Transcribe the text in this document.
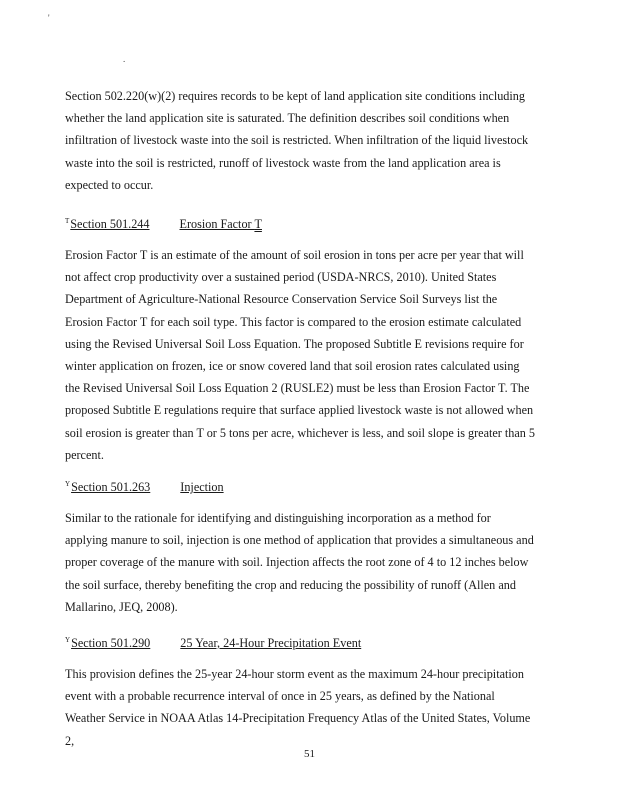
'
.

Section 502.220(w)(2) requires records to be kept of land application site conditions including whether the land application site is saturated. The definition describes soil conditions when infiltration of livestock waste into the soil is restricted. When infiltration of the liquid livestock waste into the soil is restricted, runoff of livestock waste from the land application area is expected to occur.

$^T$Section 501.244 Erosion Factor T

Erosion Factor T is an estimate of the amount of soil erosion in tons per acre per year that will not affect crop productivity over a sustained period (USDA-NRCS, 2010). United States Department of Agriculture-National Resource Conservation Service Soil Surveys list the Erosion Factor T for each soil type. This factor is compared to the erosion estimate calculated using the Revised Universal Soil Loss Equation. The proposed Subtitle E revisions require for winter application on frozen, ice or snow covered land that soil erosion rates calculated using the Revised Universal Soil Loss Equation 2 (RUSLE2) must be less than Erosion Factor T. The proposed Subtitle E regulations require that surface applied livestock waste is not allowed when soil erosion is greater than T or 5 tons per acre, whichever is less, and soil slope is greater than 5 percent.

$^Y$Section 501.263 Injection

Similar to the rationale for identifying and distinguishing incorporation as a method for applying manure to soil, injection is one method of application that provides a simultaneous and proper coverage of the manure with soil. Injection affects the root zone of 4 to 12 inches below the soil surface, thereby benefiting the crop and reducing the possibility of runoff (Allen and Mallarino, JEQ, 2008).

$^Y$Section 501.290 25 Year, 24-Hour Precipitation Event

This provision defines the 25-year 24-hour storm event as the maximum 24-hour precipitation event with a probable recurrence interval of once in 25 years, as defined by the National Weather Service in NOAA Atlas 14-Precipitation Frequency Atlas of the United States, Volume 2,

51
